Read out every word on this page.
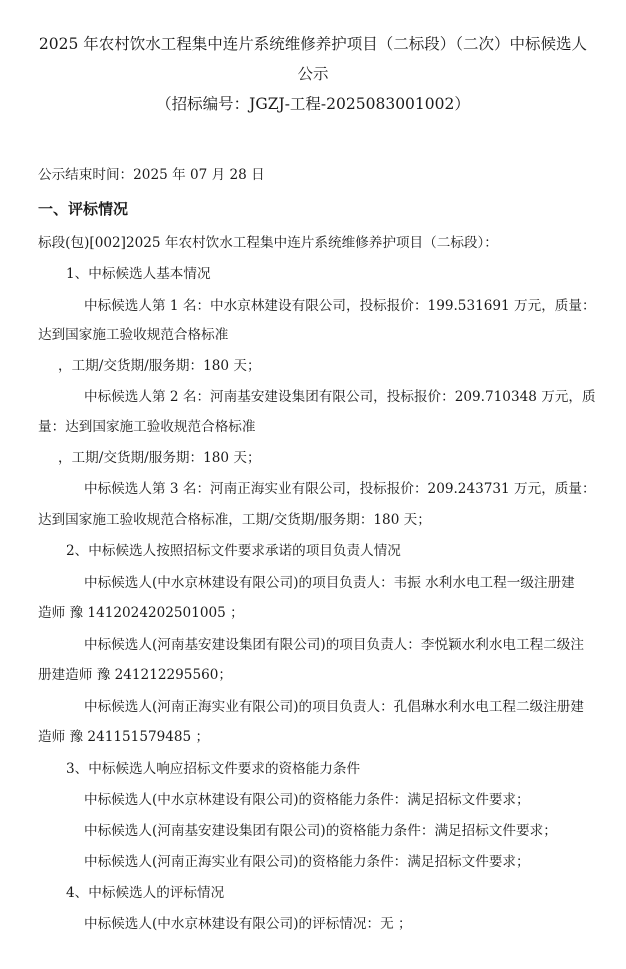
2025 年农村饮水工程集中连片系统维修养护项目（二标段）（二次）中标候选人
公示
（招标编号：JGZJ-工程-2025083001002）
公示结束时间：2025 年 07 月 28 日
一、评标情况
标段(包)[002]2025 年农村饮水工程集中连片系统维修养护项目（二标段）：
1、中标候选人基本情况
中标候选人第 1 名：中水京林建设有限公司，投标报价：199.531691 万元，质量：
达到国家施工验收规范合格标准
，工期/交货期/服务期：180 天；
中标候选人第 2 名：河南基安建设集团有限公司，投标报价：209.710348 万元，质
量：达到国家施工验收规范合格标准
，工期/交货期/服务期：180 天；
中标候选人第 3 名：河南正海实业有限公司，投标报价：209.243731 万元，质量：
达到国家施工验收规范合格标准，工期/交货期/服务期：180 天；
2、中标候选人按照招标文件要求承诺的项目负责人情况
中标候选人(中水京林建设有限公司)的项目负责人：韦振 水利水电工程一级注册建
造师 豫 1412024202501005 ；
中标候选人(河南基安建设集团有限公司)的项目负责人：李悦颖水利水电工程二级注
册建造师 豫 241212295560；
中标候选人(河南正海实业有限公司)的项目负责人：孔倡琳水利水电工程二级注册建
造师 豫 241151579485 ；
3、中标候选人响应招标文件要求的资格能力条件
中标候选人(中水京林建设有限公司)的资格能力条件：满足招标文件要求；
中标候选人(河南基安建设集团有限公司)的资格能力条件：满足招标文件要求；
中标候选人(河南正海实业有限公司)的资格能力条件：满足招标文件要求；
4、中标候选人的评标情况
中标候选人(中水京林建设有限公司)的评标情况：无 ；
